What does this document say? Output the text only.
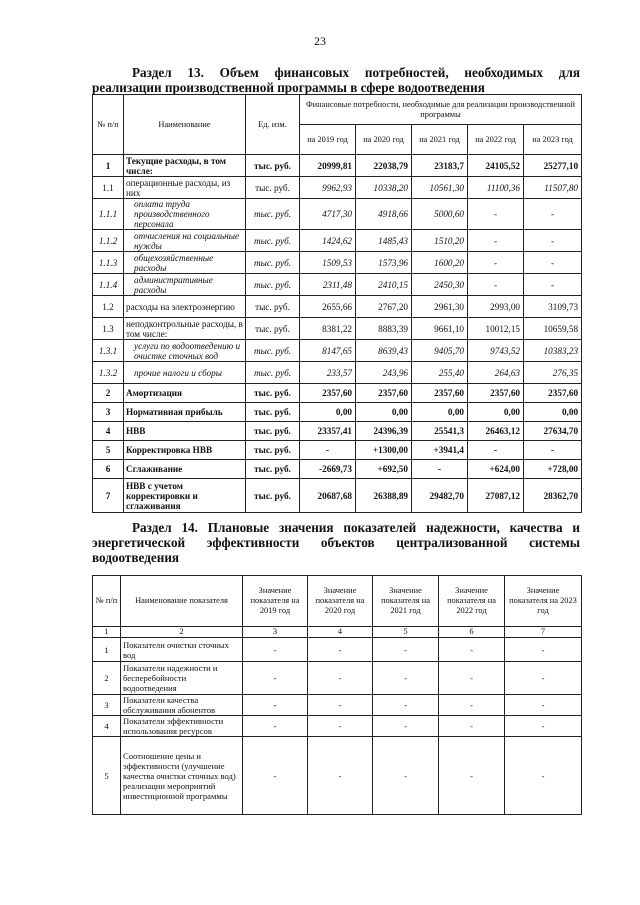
23
Раздел 13. Объем финансовых потребностей, необходимых для
реализации производственной программы в сфере водоотведения
№ п/п	Наименование	Ед. изм.	Финансовые потребности, необходимые для реализации производственной программы				
			на 2019 год	на 2020 год	на 2021 год	на 2022 год	на 2023 год
1	Текущие расходы, в том числе:	тыс. руб.	20999,81	22038,79	23183,7	24105,52	25277,10
1.1	операционные расходы, из них	тыс. руб.	9962,93	10338,20	10561,30	11100,36	11507,80
1.1.1	оплата труда производственного персонала	тыс. руб.	4717,30	4918,66	5000,60	-	-
1.1.2	отчисления на социальные нужды	тыс. руб.	1424,62	1485,43	1510,20	-	-
1.1.3	общехозяйственные расходы	тыс. руб.	1509,53	1573,96	1600,20	-	-
1.1.4	административные расходы	тыс. руб.	2311,48	2410,15	2450,30	-	-
1.2	расходы на электроэнергию	тыс. руб.	2655,66	2767,20	2961,30	2993,00	3109,73
1.3	неподконтрольные расходы, в том числе:	тыс. руб.	8381,22	8883,39	9661,10	10012,15	10659,58
1.3.1	услуги по водоотведению и очистке сточных вод	тыс. руб.	8147,65	8639,43	9405,70	9743,52	10383,23
1.3.2	прочие налоги и сборы	тыс. руб.	233,57	243,96	255,40	264,63	276,35
2	Амортизация	тыс. руб.	2357,60	2357,60	2357,60	2357,60	2357,60
3	Нормативная прибыль	тыс. руб.	0,00	0,00	0,00	0,00	0,00
4	НВВ	тыс. руб.	23357,41	24396,39	25541,3	26463,12	27634,70
5	Корректировка НВВ	тыс. руб.	-	+1300,00	+3941,4	-	-
6	Сглаживание	тыс. руб.	-2669,73	+692,50	-	+624,00	+728,00
7	НВВ с учетом корректировки и сглаживания	тыс. руб.	20687,68	26388,89	29482,70	27087,12	28362,70
Раздел 14. Плановые значения показателей надежности, качества и
энергетической эффективности объектов централизованной системы
водоотведения
№ п/п	Наименование показателя	Значение показателя на 2019 год	Значение показателя на 2020 год	Значение показателя на 2021 год	Значение показателя на 2022 год	Значение показателя на 2023 год
1	2	3	4	5	6	7
1	Показатели очистки сточных вод	-	-	-	-	-
2	Показатели надежности и бесперебойности водоотведения	-	-	-	-	-
3	Показатели качества обслуживания абонентов	-	-	-	-	-
4	Показатели эффективности использования ресурсов	-	-	-	-	-
5	Соотношение цены и эффективности (улучшение качества очистки сточных вод) реализации мероприятий инвестиционной программы	-	-	-	-	-
